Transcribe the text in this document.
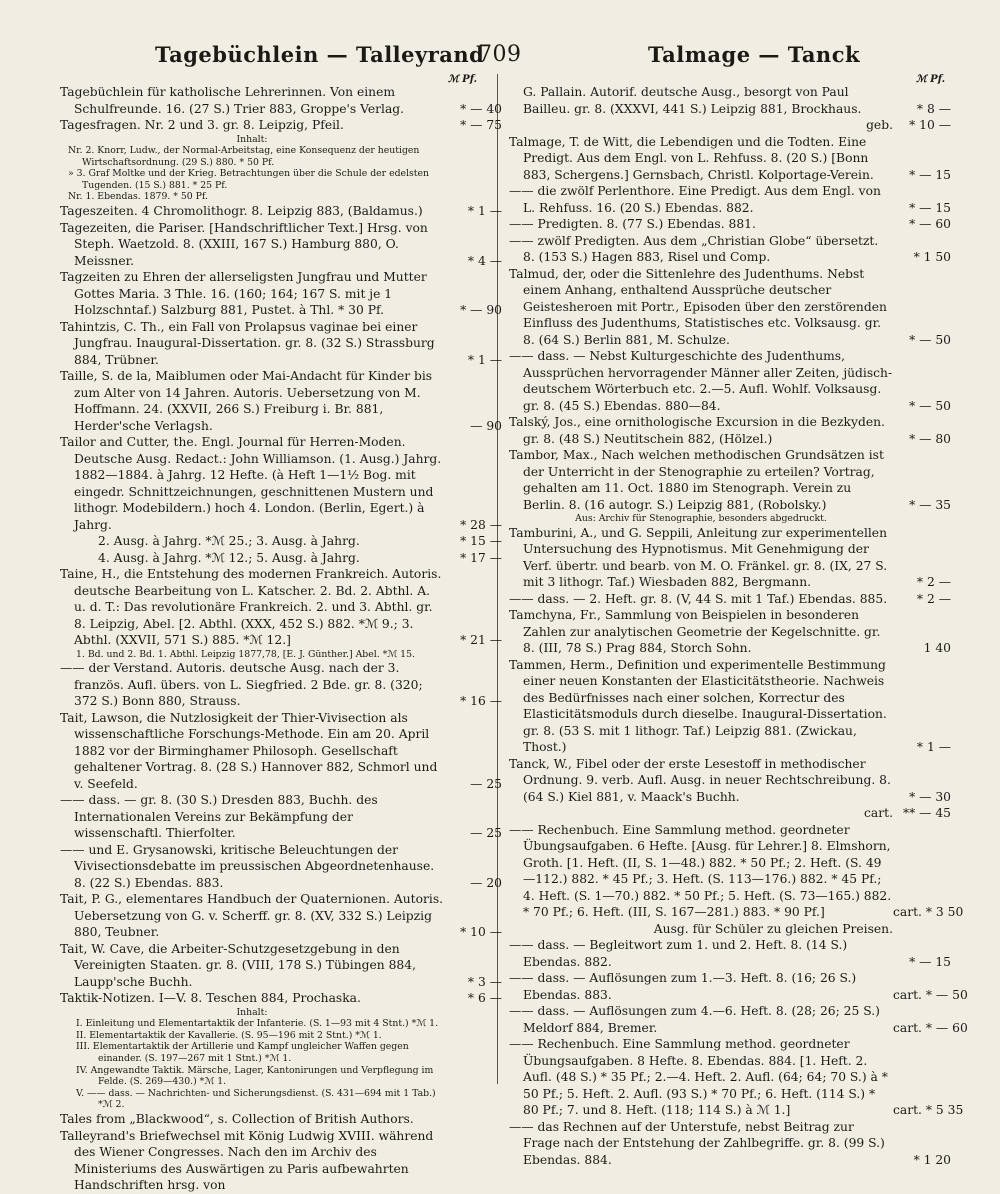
Tagebüchlein — Talleyrand
709	Talmage — Tanck
ℳ Pf.	ℳ Pf.
Tagebüchlein für katholische Lehrerinnen. Von einem Schulfreunde. 16. (27 S.) Trier 883, Groppe's Verlag.	* — 40
Tagesfragen. Nr. 2 und 3. gr. 8. Leipzig, Pfeil.	* — 75
Inhalt:
Nr. 2. Knorr, Ludw., der Normal-Arbeitstag, eine Konsequenz der heutigen Wirtschaftsordnung. (29 S.) 880. * 50 Pf.
» 3. Graf Moltke und der Krieg. Betrachtungen über die Schule der edelsten Tugenden. (15 S.) 881. * 25 Pf.
Nr. 1. Ebendas. 1879. * 50 Pf.
Tageszeiten. 4 Chromolithogr. 8. Leipzig 883, (Baldamus.)	* 1 —
Tagezeiten, die Pariser. [Handschriftlicher Text.] Hrsg. von Steph. Waetzold. 8. (XXIII, 167 S.) Hamburg 880, O. Meissner.	* 4 —
Tagzeiten zu Ehren der allerseligsten Jungfrau und Mutter Gottes Maria. 3 Thle. 16. (160; 164; 167 S. mit je 1 Holzschntaf.) Salzburg 881, Pustet. à Thl. * 30 Pf.	* — 90
Tahintzis, C. Th., ein Fall von Prolapsus vaginae bei einer Jungfrau. Inaugural-Dissertation. gr. 8. (32 S.) Strassburg 884, Trübner.	* 1 —
Taille, S. de la, Maiblumen oder Mai-Andacht für Kinder bis zum Alter von 14 Jahren. Autoris. Uebersetzung von M. Hoffmann. 24. (XXVII, 266 S.) Freiburg i. Br. 881, Herder'sche Verlagsh.	— 90
Tailor and Cutter, the. Engl. Journal für Herren-Moden. Deutsche Ausg. Redact.: John Williamson. (1. Ausg.) Jahrg. 1882—1884. à Jahrg. 12 Hefte. (à Heft 1—1½ Bog. mit eingedr. Schnittzeichnungen, geschnittenen Mustern und lithogr. Modebildern.) hoch 4. London. (Berlin, Egert.) à Jahrg.	* 28 —
2. Ausg. à Jahrg. *ℳ 25.; 3. Ausg. à Jahrg.	* 15 —
4. Ausg. à Jahrg. *ℳ 12.; 5. Ausg. à Jahrg.	* 17 —
Taine, H., die Entstehung des modernen Frankreich. Autoris. deutsche Bearbeitung von L. Katscher. 2. Bd. 2. Abthl. A. u. d. T.: Das revolutionäre Frankreich. 2. und 3. Abthl. gr. 8. Leipzig, Abel. [2. Abthl. (XXX, 452 S.) 882. *ℳ 9.; 3. Abthl. (XXVII, 571 S.) 885. *ℳ 12.]	* 21 —
1. Bd. und 2. Bd. 1. Abthl. Leipzig 1877,78, [E. J. Günther.] Abel. *ℳ 15.
—— der Verstand. Autoris. deutsche Ausg. nach der 3. französ. Aufl. übers. von L. Siegfried. 2 Bde. gr. 8. (320; 372 S.) Bonn 880, Strauss.	* 16 —
Tait, Lawson, die Nutzlosigkeit der Thier-Vivisection als wissenschaftliche Forschungs-Methode. Ein am 20. April 1882 vor der Birminghamer Philosoph. Gesellschaft gehaltener Vortrag. 8. (28 S.) Hannover 882, Schmorl und v. Seefeld.	— 25
—— dass. — gr. 8. (30 S.) Dresden 883, Buchh. des Internationalen Vereins zur Bekämpfung der wissenschaftl. Thierfolter.	— 25
—— und E. Grysanowski, kritische Beleuchtungen der Vivisectionsdebatte im preussischen Abgeordnetenhause. 8. (22 S.) Ebendas. 883.	— 20
Tait, P. G., elementares Handbuch der Quaternionen. Autoris. Uebersetzung von G. v. Scherff. gr. 8. (XV, 332 S.) Leipzig 880, Teubner.	* 10 —
Tait, W. Cave, die Arbeiter-Schutzgesetzgebung in den Vereinigten Staaten. gr. 8. (VIII, 178 S.) Tübingen 884, Laupp'sche Buchh.	* 3 —
Taktik-Notizen. I—V. 8. Teschen 884, Prochaska.	* 6 —
Inhalt:
I. Einleitung und Elementartaktik der Infanterie. (S. 1—93 mit 4 Stnt.) *ℳ 1.
II. Elementartaktik der Kavallerie. (S. 95—196 mit 2 Stnt.) *ℳ 1.
III. Elementartaktik der Artillerie und Kampf ungleicher Waffen gegen einander. (S. 197—267 mit 1 Stnt.) *ℳ 1.
IV. Angewandte Taktik. Märsche, Lager, Kantonirungen und Verpflegung im Felde. (S. 269—430.) *ℳ 1.
V. —— dass. — Nachrichten- und Sicherungsdienst. (S. 431—694 mit 1 Tab.) *ℳ 2.
Tales from „Blackwood“, s. Collection of British Authors.
Talleyrand's Briefwechsel mit König Ludwig XVIII. während des Wiener Congresses. Nach den im Archiv des Ministeriums des Auswärtigen zu Paris aufbewahrten Handschriften hrsg. von
G. Pallain. Autorif. deutsche Ausg., besorgt von Paul Bailleu. gr. 8. (XXXVI, 441 S.) Leipzig 881, Brockhaus.	* 8 —
geb.	* 10 —
Talmage, T. de Witt, die Lebendigen und die Todten. Eine Predigt. Aus dem Engl. von L. Rehfuss. 8. (20 S.) [Bonn 883, Schergens.] Gernsbach, Christl. Kolportage-Verein.	* — 15
—— die zwölf Perlenthore. Eine Predigt. Aus dem Engl. von L. Rehfuss. 16. (20 S.) Ebendas. 882.	* — 15
—— Predigten. 8. (77 S.) Ebendas. 881.	* — 60
—— zwölf Predigten. Aus dem „Christian Globe“ übersetzt. 8. (153 S.) Hagen 883, Risel und Comp.	* 1 50
Talmud, der, oder die Sittenlehre des Judenthums. Nebst einem Anhang, enthaltend Aussprüche deutscher Geistesheroen mit Portr., Episoden über den zerstörenden Einfluss des Judenthums, Statistisches etc. Volksausg. gr. 8. (64 S.) Berlin 881, M. Schulze.	* — 50
—— dass. — Nebst Kulturgeschichte des Judenthums, Aussprüchen hervorragender Männer aller Zeiten, jüdisch-deutschem Wörterbuch etc. 2.—5. Aufl. Wohlf. Volksausg. gr. 8. (45 S.) Ebendas. 880—84.	* — 50
Talský, Jos., eine ornithologische Excursion in die Bezkyden. gr. 8. (48 S.) Neutitschein 882, (Hölzel.)	* — 80
Tambor, Max., Nach welchen methodischen Grundsätzen ist der Unterricht in der Stenographie zu erteilen? Vortrag, gehalten am 11. Oct. 1880 im Stenograph. Verein zu Berlin. 8. (16 autogr. S.) Leipzig 881, (Robolsky.)	* — 35
Aus: Archiv für Stenographie, besonders abgedruckt.
Tamburini, A., und G. Seppili, Anleitung zur experimentellen Untersuchung des Hypnotismus. Mit Genehmigung der Verf. übertr. und bearb. von M. O. Fränkel. gr. 8. (IX, 27 S. mit 3 lithogr. Taf.) Wiesbaden 882, Bergmann.	* 2 —
—— dass. — 2. Heft. gr. 8. (V, 44 S. mit 1 Taf.) Ebendas. 885.	* 2 —
Tamchyna, Fr., Sammlung von Beispielen in besonderen Zahlen zur analytischen Geometrie der Kegelschnitte. gr. 8. (III, 78 S.) Prag 884, Storch Sohn.	1 40
Tammen, Herm., Definition und experimentelle Bestimmung einer neuen Konstanten der Elasticitätstheorie. Nachweis des Bedürfnisses nach einer solchen, Korrectur des Elasticitätsmoduls durch dieselbe. Inaugural-Dissertation. gr. 8. (53 S. mit 1 lithogr. Taf.) Leipzig 881. (Zwickau, Thost.)	* 1 —
Tanck, W., Fibel oder der erste Lesestoff in methodischer Ordnung. 9. verb. Aufl. Ausg. in neuer Rechtschreibung. 8. (64 S.) Kiel 881, v. Maack's Buchh.	* — 30
cart. ** — 45
—— Rechenbuch. Eine Sammlung method. geordneter Übungsaufgaben. 6 Hefte. [Ausg. für Lehrer.] 8. Elmshorn, Groth. [1. Heft. (II, S. 1—48.) 882. * 50 Pf.; 2. Heft. (S. 49—112.) 882. * 45 Pf.; 3. Heft. (S. 113—176.) 882. * 45 Pf.; 4. Heft. (S. 1—70.) 882. * 50 Pf.; 5. Heft. (S. 73—165.) 882. * 70 Pf.; 6. Heft. (III, S. 167—281.) 883. * 90 Pf.]	cart. * 3 50
Ausg. für Schüler zu gleichen Preisen.
—— dass. — Begleitwort zum 1. und 2. Heft. 8. (14 S.) Ebendas. 882.	* — 15
—— dass. — Auflösungen zum 1.—3. Heft. 8. (16; 26 S.) Ebendas. 883.	cart. * — 50
—— dass. — Auflösungen zum 4.—6. Heft. 8. (28; 26; 25 S.) Meldorf 884, Bremer.	cart. * — 60
—— Rechenbuch. Eine Sammlung method. geordneter Übungsaufgaben. 8 Hefte. 8. Ebendas. 884. [1. Heft. 2. Aufl. (48 S.) * 35 Pf.; 2.—4. Heft. 2. Aufl. (64; 64; 70 S.) à * 50 Pf.; 5. Heft. 2. Aufl. (93 S.) * 70 Pf.; 6. Heft. (114 S.) * 80 Pf.; 7. und 8. Heft. (118; 114 S.) à ℳ 1.]	cart. * 5 35
—— das Rechnen auf der Unterstufe, nebst Beitrag zur Frage nach der Entstehung der Zahlbegriffe. gr. 8. (99 S.) Ebendas. 884.	* 1 20
